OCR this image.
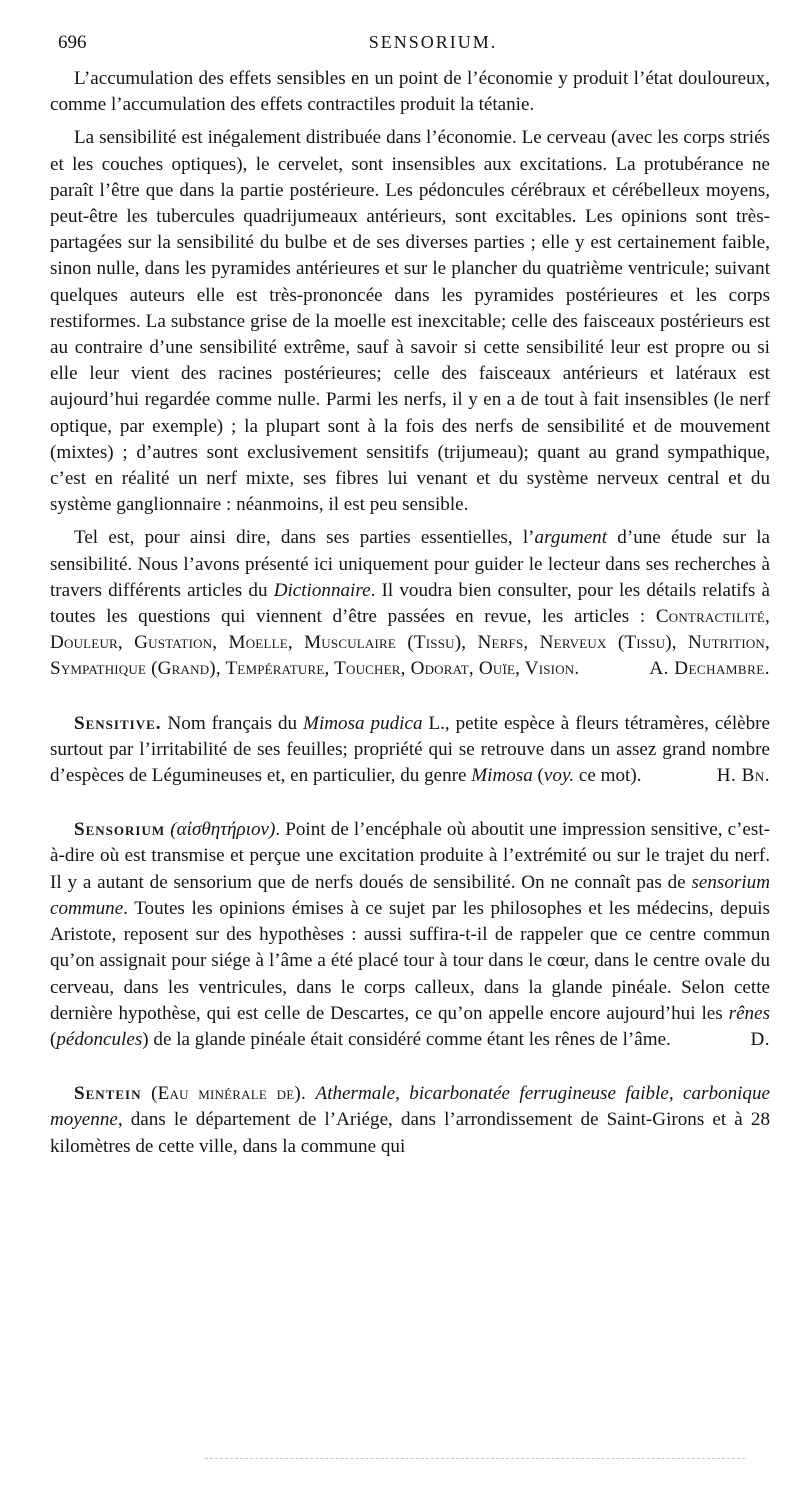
696	SENSORIUM.

L’accumulation des effets sensibles en un point de l’économie y produit l’état douloureux, comme l’accumulation des effets contractiles produit la tétanie.

La sensibilité est inégalement distribuée dans l’économie. Le cerveau (avec les corps striés et les couches optiques), le cervelet, sont insensibles aux excitations. La protubérance ne paraît l’être que dans la partie postérieure. Les pédoncules cérébraux et cérébelleux moyens, peut-être les tubercules quadrijumeaux antérieurs, sont excitables. Les opinions sont très-partagées sur la sensibilité du bulbe et de ses diverses parties ; elle y est certainement faible, sinon nulle, dans les pyramides antérieures et sur le plancher du quatrième ventricule; suivant quelques auteurs elle est très-prononcée dans les pyramides postérieures et les corps restiformes. La substance grise de la moelle est inexcitable; celle des faisceaux postérieurs est au contraire d’une sensibilité extrême, sauf à savoir si cette sensibilité leur est propre ou si elle leur vient des racines postérieures; celle des faisceaux antérieurs et latéraux est aujourd’hui regardée comme nulle. Parmi les nerfs, il y en a de tout à fait insensibles (le nerf optique, par exemple) ; la plupart sont à la fois des nerfs de sensibilité et de mouvement (mixtes) ; d’autres sont exclusivement sensitifs (trijumeau); quant au grand sympathique, c’est en réalité un nerf mixte, ses fibres lui venant et du système nerveux central et du système ganglionnaire : néanmoins, il est peu sensible.

Tel est, pour ainsi dire, dans ses parties essentielles, l’argument d’une étude sur la sensibilité. Nous l’avons présenté ici uniquement pour guider le lecteur dans ses recherches à travers différents articles du Dictionnaire. Il voudra bien consulter, pour les détails relatifs à toutes les questions qui viennent d’être passées en revue, les articles : Contractilité, Douleur, Gustation, Moelle, Musculaire (Tissu), Nerfs, Nerveux (Tissu), Nutrition, Sympathique (Grand), Température, Toucher, Odorat, Ouïe, Vision.	A. Dechambre.

Sensitive. Nom français du Mimosa pudica L., petite espèce à fleurs tétramères, célèbre surtout par l’irritabilité de ses feuilles; propriété qui se retrouve dans un assez grand nombre d’espèces de Légumineuses et, en particulier, du genre Mimosa (voy. ce mot).	H. Bn.

Sensorium (αἰσθητήριον). Point de l’encéphale où aboutit une impression sensitive, c’est-à-dire où est transmise et perçue une excitation produite à l’extrémité ou sur le trajet du nerf. Il y a autant de sensorium que de nerfs doués de sensibilité. On ne connaît pas de sensorium commune. Toutes les opinions émises à ce sujet par les philosophes et les médecins, depuis Aristote, reposent sur des hypothèses : aussi suffira-t-il de rappeler que ce centre commun qu’on assignait pour siége à l’âme a été placé tour à tour dans le cœur, dans le centre ovale du cerveau, dans les ventricules, dans le corps calleux, dans la glande pinéale. Selon cette dernière hypothèse, qui est celle de Descartes, ce qu’on appelle encore aujourd’hui les rênes (pédoncules) de la glande pinéale était considéré comme étant les rênes de l’âme.	D.

Sentein (Eau minérale de). Athermale, bicarbonatée ferrugineuse faible, carbonique moyenne, dans le département de l’Ariége, dans l’arrondissement de Saint-Girons et à 28 kilomètres de cette ville, dans la commune qui
